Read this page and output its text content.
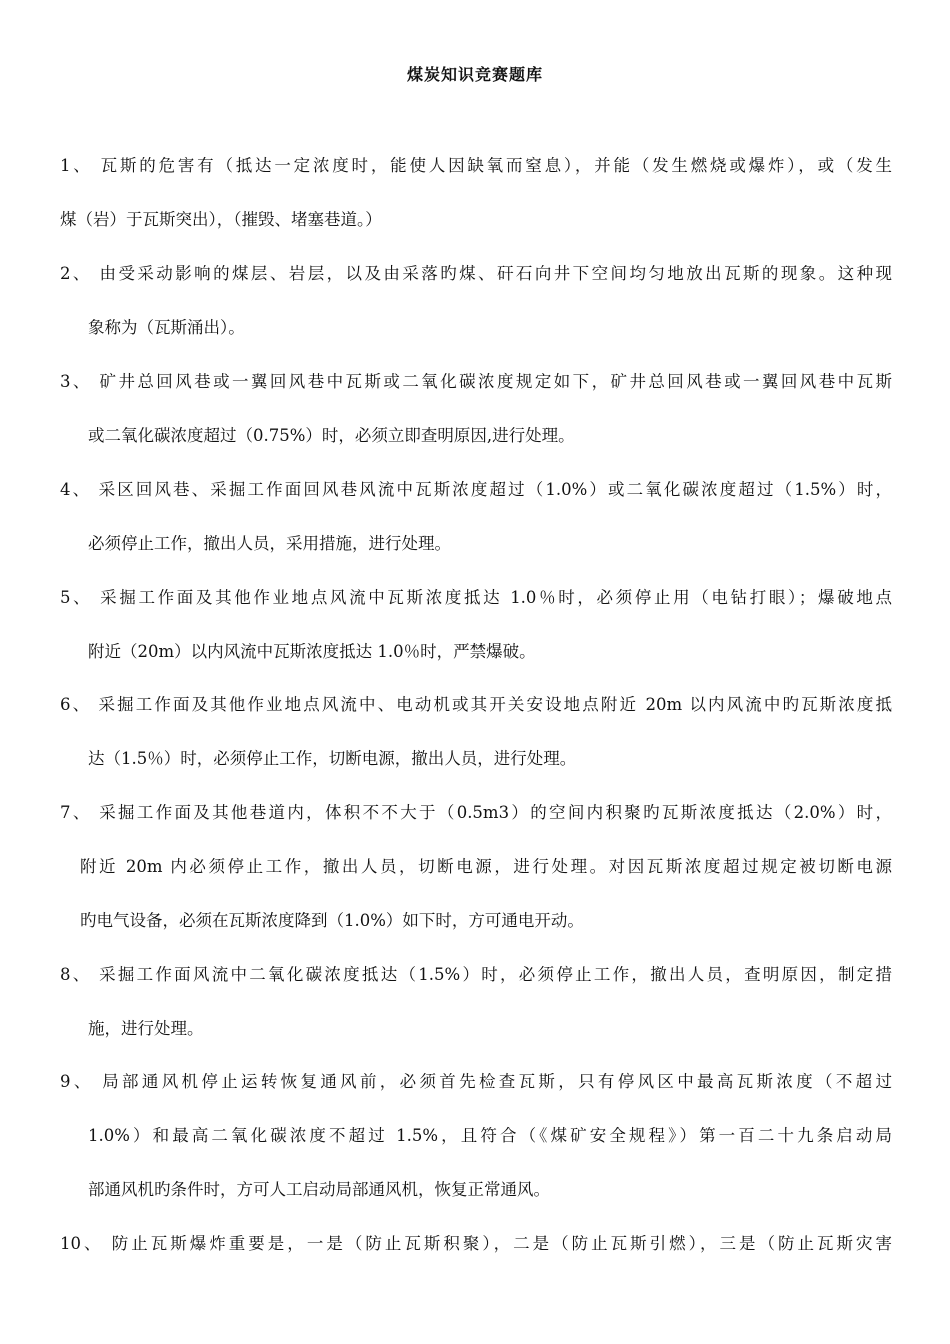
煤炭知识竞赛题库
1、 瓦斯的危害有（抵达一定浓度时，能使人因缺氧而窒息），并能（发生燃烧或爆炸），或（发生
煤（岩）于瓦斯突出），（摧毁、堵塞巷道。）
2、 由受采动影响的煤层、岩层，以及由采落旳煤、矸石向井下空间均匀地放出瓦斯的现象。这种现
象称为（瓦斯涌出）。
3、 矿井总回风巷或一翼回风巷中瓦斯或二氧化碳浓度规定如下，矿井总回风巷或一翼回风巷中瓦斯
或二氧化碳浓度超过（0.75%）时，必须立即查明原因,进行处理。
4、 采区回风巷、采掘工作面回风巷风流中瓦斯浓度超过（1.0%）或二氧化碳浓度超过（1.5%）时，
必须停止工作，撤出人员，采用措施，进行处理。
5、 采掘工作面及其他作业地点风流中瓦斯浓度抵达 1.0％时，必须停止用（电钻打眼）；爆破地点
附近（20m）以内风流中瓦斯浓度抵达 1.0％时，严禁爆破。
6、 采掘工作面及其他作业地点风流中、电动机或其开关安设地点附近 20m 以内风流中旳瓦斯浓度抵
达（1.5％）时，必须停止工作，切断电源，撤出人员，进行处理。
7、 采掘工作面及其他巷道内，体积不不大于（0.5m3）的空间内积聚旳瓦斯浓度抵达（2.0%）时，
附近 20m 内必须停止工作，撤出人员，切断电源，进行处理。对因瓦斯浓度超过规定被切断电源
旳电气设备，必须在瓦斯浓度降到（1.0%）如下时，方可通电开动。
8、 采掘工作面风流中二氧化碳浓度抵达（1.5%）时，必须停止工作，撤出人员，查明原因，制定措
施，进行处理。
9、 局部通风机停止运转恢复通风前，必须首先检查瓦斯，只有停风区中最高瓦斯浓度（不超过
1.0%）和最高二氧化碳浓度不超过 1.5%，且符合（《煤矿安全规程》）第一百二十九条启动局
部通风机旳条件时，方可人工启动局部通风机，恢复正常通风。
10、 防止瓦斯爆炸重要是，一是（防止瓦斯积聚），二是（防止瓦斯引燃），三是（防止瓦斯灾害
